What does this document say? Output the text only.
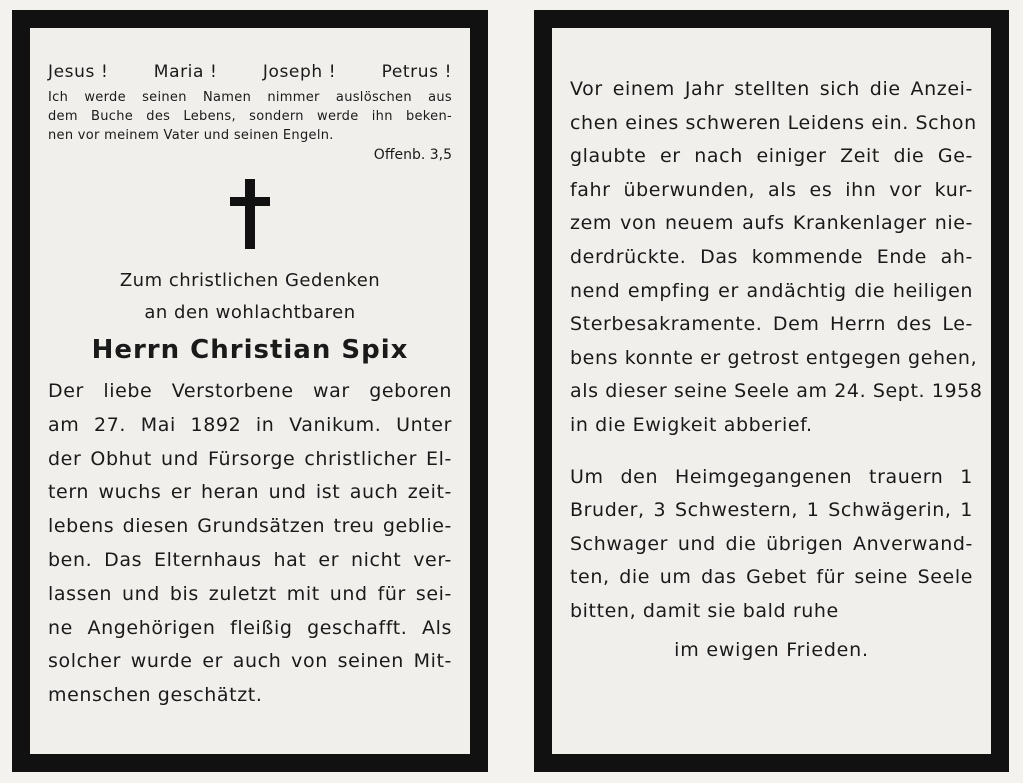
Jesus !	Maria !	Joseph !	Petrus !
Ich werde seinen Namen nimmer auslöschen aus
dem Buche des Lebens, sondern werde ihn beken-
nen vor meinem Vater und seinen Engeln.
Offenb. 3,5
Zum christlichen Gedenken
an den wohlachtbaren
Herrn Christian Spix
Der liebe Verstorbene war geboren
am 27. Mai 1892 in Vanikum. Unter
der Obhut und Fürsorge christlicher El-
tern wuchs er heran und ist auch zeit-
lebens diesen Grundsätzen treu geblie-
ben. Das Elternhaus hat er nicht ver-
lassen und bis zuletzt mit und für sei-
ne Angehörigen fleißig geschafft. Als
solcher wurde er auch von seinen Mit-
menschen geschätzt.
Vor einem Jahr stellten sich die Anzei-
chen eines schweren Leidens ein. Schon
glaubte er nach einiger Zeit die Ge-
fahr überwunden, als es ihn vor kur-
zem von neuem aufs Krankenlager nie-
derdrückte. Das kommende Ende ah-
nend empfing er andächtig die heiligen
Sterbesakramente. Dem Herrn des Le-
bens konnte er getrost entgegen gehen,
als dieser seine Seele am 24. Sept. 1958
in die Ewigkeit abberief.
Um den Heimgegangenen trauern 1
Bruder, 3 Schwestern, 1 Schwägerin, 1
Schwager und die übrigen Anverwand-
ten, die um das Gebet für seine Seele
bitten, damit sie bald ruhe
im ewigen Frieden.
